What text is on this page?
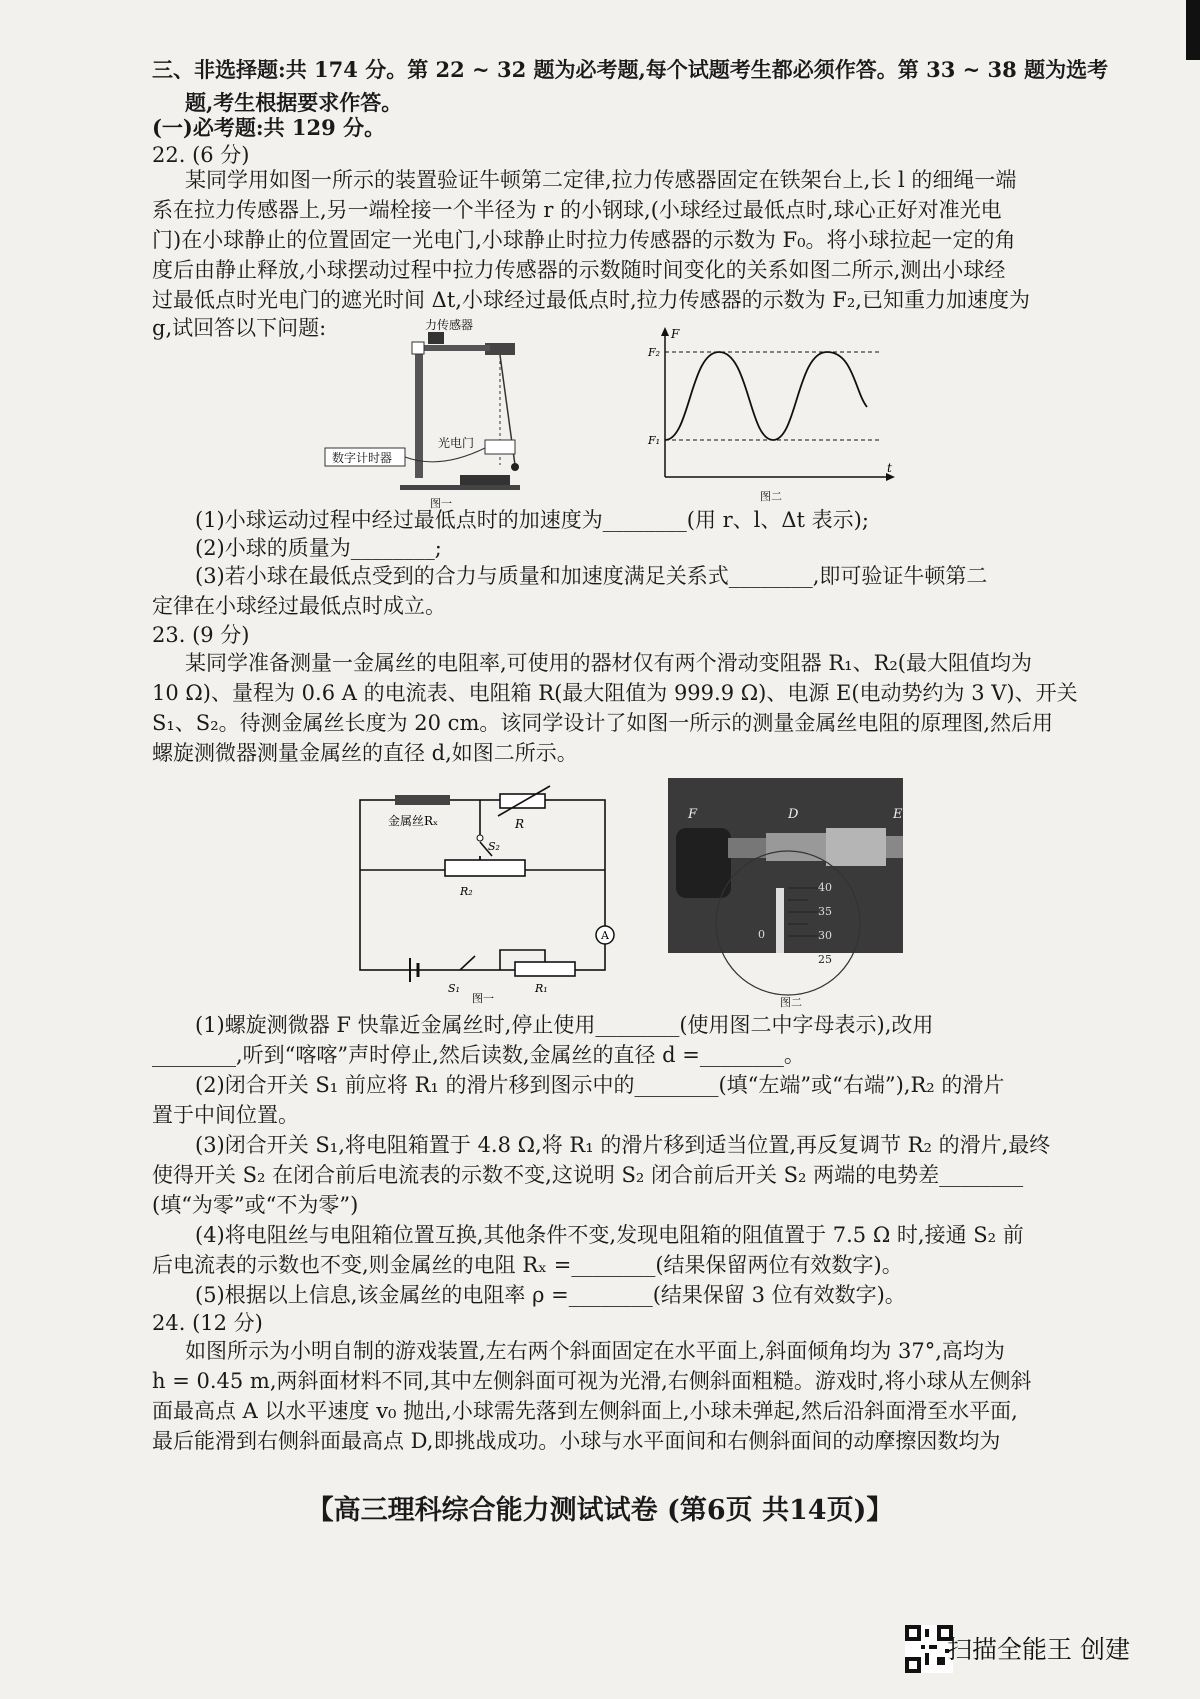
三、非选择题:共 174 分。第 22 ~ 32 题为必考题,每个试题考生都必须作答。第 33 ~ 38 题为选考
题,考生根据要求作答。
(一)必考题:共 129 分。
22. (6 分)
某同学用如图一所示的装置验证牛顿第二定律,拉力传感器固定在铁架台上,长 l 的细绳一端
系在拉力传感器上,另一端栓接一个半径为 r 的小钢球,(小球经过最低点时,球心正好对准光电
门)在小球静止的位置固定一光电门,小球静止时拉力传感器的示数为 F₀。将小球拉起一定的角
度后由静止释放,小球摆动过程中拉力传感器的示数随时间变化的关系如图二所示,测出小球经
过最低点时光电门的遮光时间 Δt,小球经过最低点时,拉力传感器的示数为 F₂,已知重力加速度为
g,试回答以下问题:	力传感器
光电门
数字计时器
图一
F
t
F₂
F₁
图二
(1)小球运动过程中经过最低点时的加速度为________(用 r、l、Δt 表示);
(2)小球的质量为________;
(3)若小球在最低点受到的合力与质量和加速度满足关系式________,即可验证牛顿第二
定律在小球经过最低点时成立。
23. (9 分)
某同学准备测量一金属丝的电阻率,可使用的器材仅有两个滑动变阻器 R₁、R₂(最大阻值均为
10 Ω)、量程为 0.6 A 的电流表、电阻箱 R(最大阻值为 999.9 Ω)、电源 E(电动势约为 3 V)、开关
S₁、S₂。待测金属丝长度为 20 cm。该同学设计了如图一所示的测量金属丝电阻的原理图,然后用
螺旋测微器测量金属丝的直径 d,如图二所示。
A
金属丝Rₓ	R
S₂
R₂
S₁	R₁
图一
40
35
30
25
0
F	D	E
图二
(1)螺旋测微器 F 快靠近金属丝时,停止使用________(使用图二中字母表示),改用
________,听到“喀喀”声时停止,然后读数,金属丝的直径 d =________。
(2)闭合开关 S₁ 前应将 R₁ 的滑片移到图示中的________(填“左端”或“右端”),R₂ 的滑片
置于中间位置。
(3)闭合开关 S₁,将电阻箱置于 4.8 Ω,将 R₁ 的滑片移到适当位置,再反复调节 R₂ 的滑片,最终
使得开关 S₂ 在闭合前后电流表的示数不变,这说明 S₂ 闭合前后开关 S₂ 两端的电势差________
(填“为零”或“不为零”)
(4)将电阻丝与电阻箱位置互换,其他条件不变,发现电阻箱的阻值置于 7.5 Ω 时,接通 S₂ 前
后电流表的示数也不变,则金属丝的电阻 Rₓ =________(结果保留两位有效数字)。
(5)根据以上信息,该金属丝的电阻率 ρ =________(结果保留 3 位有效数字)。
24. (12 分)
如图所示为小明自制的游戏装置,左右两个斜面固定在水平面上,斜面倾角均为 37°,高均为
h = 0.45 m,两斜面材料不同,其中左侧斜面可视为光滑,右侧斜面粗糙。游戏时,将小球从左侧斜
面最高点 A 以水平速度 v₀ 抛出,小球需先落到左侧斜面上,小球未弹起,然后沿斜面滑至水平面,
最后能滑到右侧斜面最高点 D,即挑战成功。小球与水平面间和右侧斜面间的动摩擦因数均为
【高三理科综合能力测试试卷 (第6页 共14页)】
扫描全能王 创建
